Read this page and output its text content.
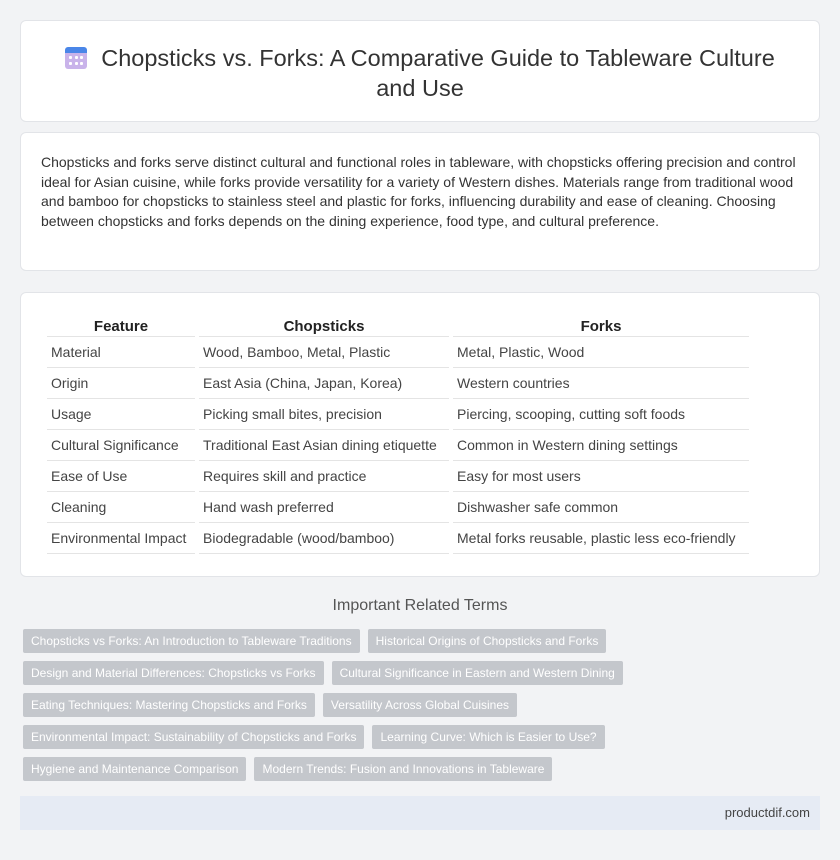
Chopsticks vs. Forks: A Comparative Guide to Tableware Culture and Use

Chopsticks and forks serve distinct cultural and functional roles in tableware, with chopsticks offering precision and control ideal for Asian cuisine, while forks provide versatility for a variety of Western dishes. Materials range from traditional wood and bamboo for chopsticks to stainless steel and plastic for forks, influencing durability and ease of cleaning. Choosing between chopsticks and forks depends on the dining experience, food type, and cultural preference.

Feature	Chopsticks	Forks
Material	Wood, Bamboo, Metal, Plastic	Metal, Plastic, Wood
Origin	East Asia (China, Japan, Korea)	Western countries
Usage	Picking small bites, precision	Piercing, scooping, cutting soft foods
Cultural Significance	Traditional East Asian dining etiquette	Common in Western dining settings
Ease of Use	Requires skill and practice	Easy for most users
Cleaning	Hand wash preferred	Dishwasher safe common
Environmental Impact	Biodegradable (wood/bamboo)	Metal forks reusable, plastic less eco-friendly
Important Related Terms
Chopsticks vs Forks: An Introduction to Tableware Traditions	Historical Origins of Chopsticks and Forks
Design and Material Differences: Chopsticks vs Forks	Cultural Significance in Eastern and Western Dining
Eating Techniques: Mastering Chopsticks and Forks	Versatility Across Global Cuisines
Environmental Impact: Sustainability of Chopsticks and Forks	Learning Curve: Which is Easier to Use?
Hygiene and Maintenance Comparison	Modern Trends: Fusion and Innovations in Tableware
productdif.com
